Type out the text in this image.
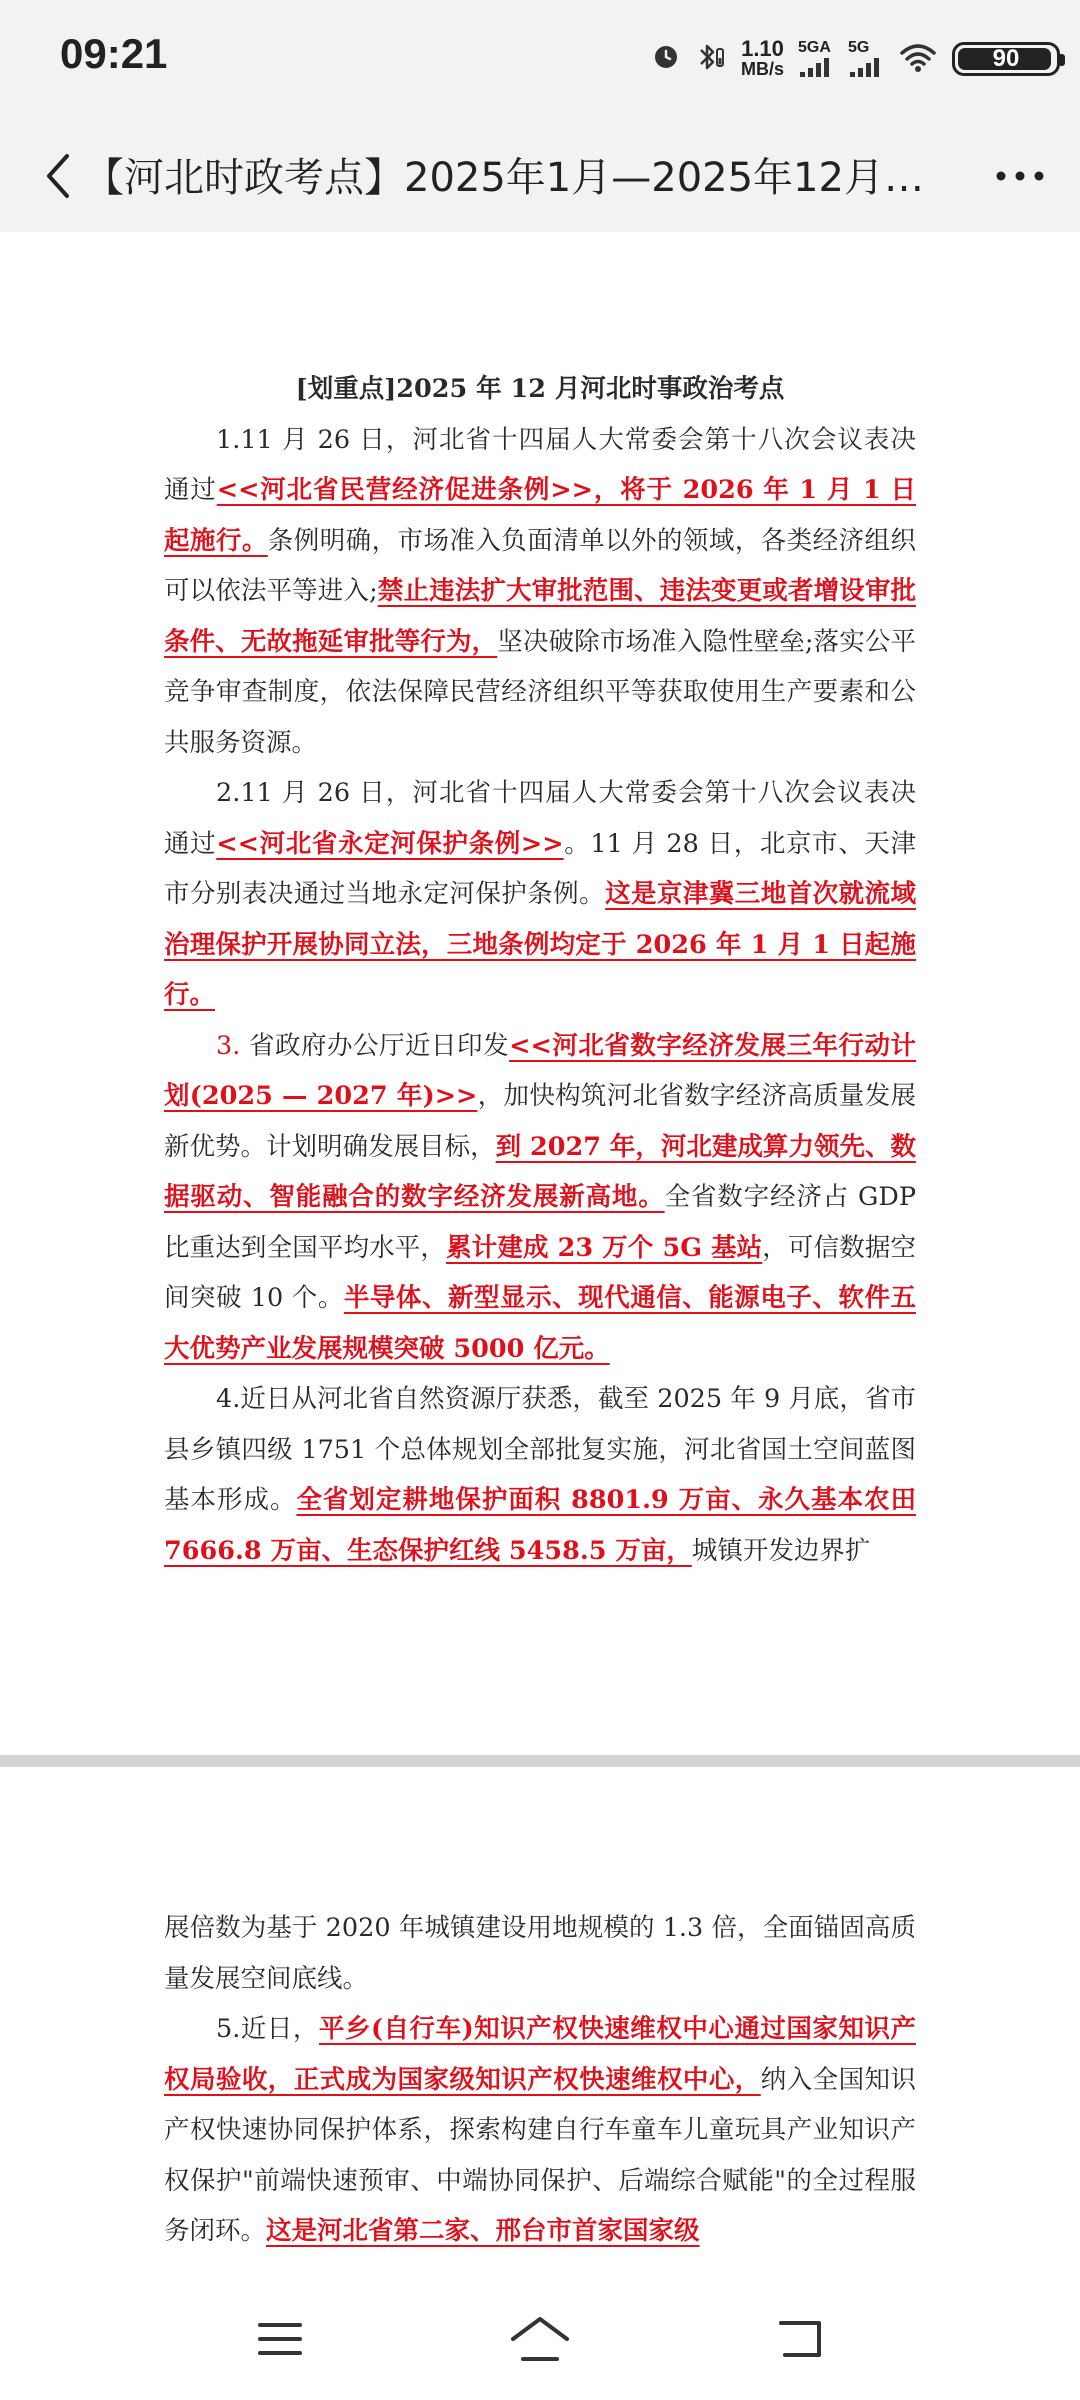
09:21	1.10
MB/s
5GA 5G	90
【河北时政考点】2025年1月—2025年12月…
[划重点]2025 年 12 月河北时事政治考点

1.11 月 26 日，河北省十四届人大常委会第十八次会议表决通过<<河北省民营经济促进条例>>，将于 2026 年 1 月 1 日起施行。条例明确，市场准入负面清单以外的领域，各类经济组织可以依法平等进入;禁止违法扩大审批范围、违法变更或者增设审批条件、无故拖延审批等行为，坚决破除市场准入隐性壁垒;落实公平竞争审查制度，依法保障民营经济组织平等获取使用生产要素和公共服务资源。

2.11 月 26 日，河北省十四届人大常委会第十八次会议表决通过<<河北省永定河保护条例>>。11 月 28 日，北京市、天津市分别表决通过当地永定河保护条例。这是京津冀三地首次就流域治理保护开展协同立法，三地条例均定于 2026 年 1 月 1 日起施行。

3. 省政府办公厅近日印发<<河北省数字经济发展三年行动计划(2025 — 2027 年)>>，加快构筑河北省数字经济高质量发展新优势。计划明确发展目标，到 2027 年，河北建成算力领先、数据驱动、智能融合的数字经济发展新高地。全省数字经济占 GDP 比重达到全国平均水平，累计建成 23 万个 5G 基站，可信数据空间突破 10 个。半导体、新型显示、现代通信、能源电子、软件五大优势产业发展规模突破 5000 亿元。

4.近日从河北省自然资源厅获悉，截至 2025 年 9 月底，省市县乡镇四级 1751 个总体规划全部批复实施，河北省国土空间蓝图基本形成。全省划定耕地保护面积 8801.9 万亩、永久基本农田 7666.8 万亩、生态保护红线 5458.5 万亩，城镇开发边界扩

展倍数为基于 2020 年城镇建设用地规模的 1.3 倍，全面锚固高质量发展空间底线。

5.近日，平乡(自行车)知识产权快速维权中心通过国家知识产权局验收，正式成为国家级知识产权快速维权中心，纳入全国知识产权快速协同保护体系，探索构建自行车童车儿童玩具产业知识产权保护"前端快速预审、中端协同保护、后端综合赋能"的全过程服务闭环。这是河北省第二家、邢台市首家国家级
